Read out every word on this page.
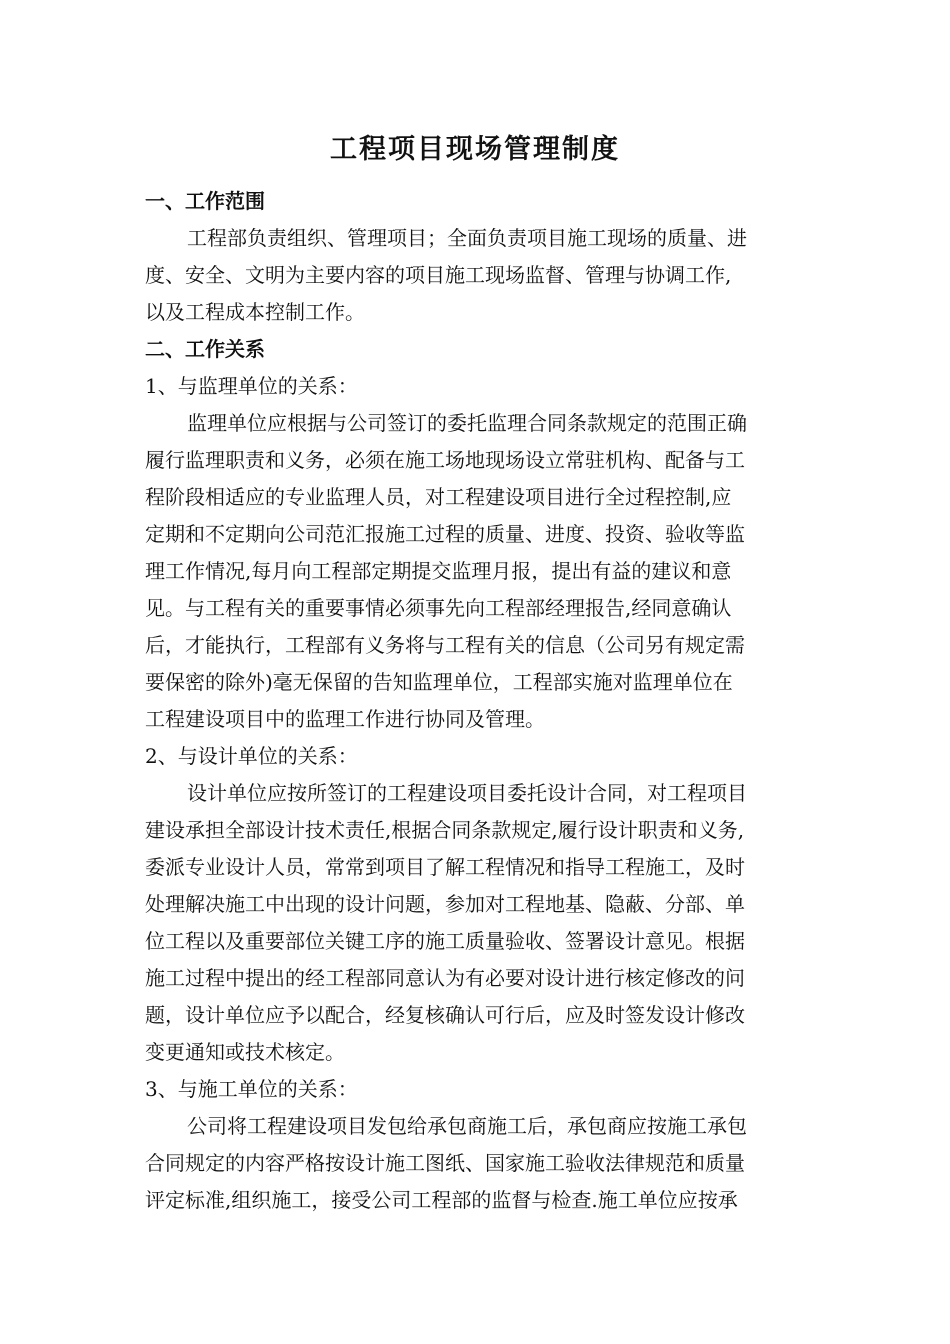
工程项目现场管理制度
一、工作范围
工程部负责组织、管理项目；全面负责项目施工现场的质量、进
度、安全、文明为主要内容的项目施工现场监督、管理与协调工作,
以及工程成本控制工作。
二、工作关系
1、与监理单位的关系：
监理单位应根据与公司签订的委托监理合同条款规定的范围正确
履行监理职责和义务，必须在施工场地现场设立常驻机构、配备与工
程阶段相适应的专业监理人员，对工程建设项目进行全过程控制,应
定期和不定期向公司范汇报施工过程的质量、进度、投资、验收等监
理工作情况,每月向工程部定期提交监理月报，提出有益的建议和意
见。与工程有关的重要事情必须事先向工程部经理报告,经同意确认
后，才能执行，工程部有义务将与工程有关的信息（公司另有规定需
要保密的除外)毫无保留的告知监理单位，工程部实施对监理单位在
工程建设项目中的监理工作进行协同及管理。
2、与设计单位的关系：
设计单位应按所签订的工程建设项目委托设计合同，对工程项目
建设承担全部设计技术责任,根据合同条款规定,履行设计职责和义务,
委派专业设计人员，常常到项目了解工程情况和指导工程施工，及时
处理解决施工中出现的设计问题，参加对工程地基、隐蔽、分部、单
位工程以及重要部位关键工序的施工质量验收、签署设计意见。根据
施工过程中提出的经工程部同意认为有必要对设计进行核定修改的问
题，设计单位应予以配合，经复核确认可行后，应及时签发设计修改
变更通知或技术核定。
3、与施工单位的关系：
公司将工程建设项目发包给承包商施工后，承包商应按施工承包
合同规定的内容严格按设计施工图纸、国家施工验收法律规范和质量
评定标准,组织施工，接受公司工程部的监督与检查.施工单位应按承
